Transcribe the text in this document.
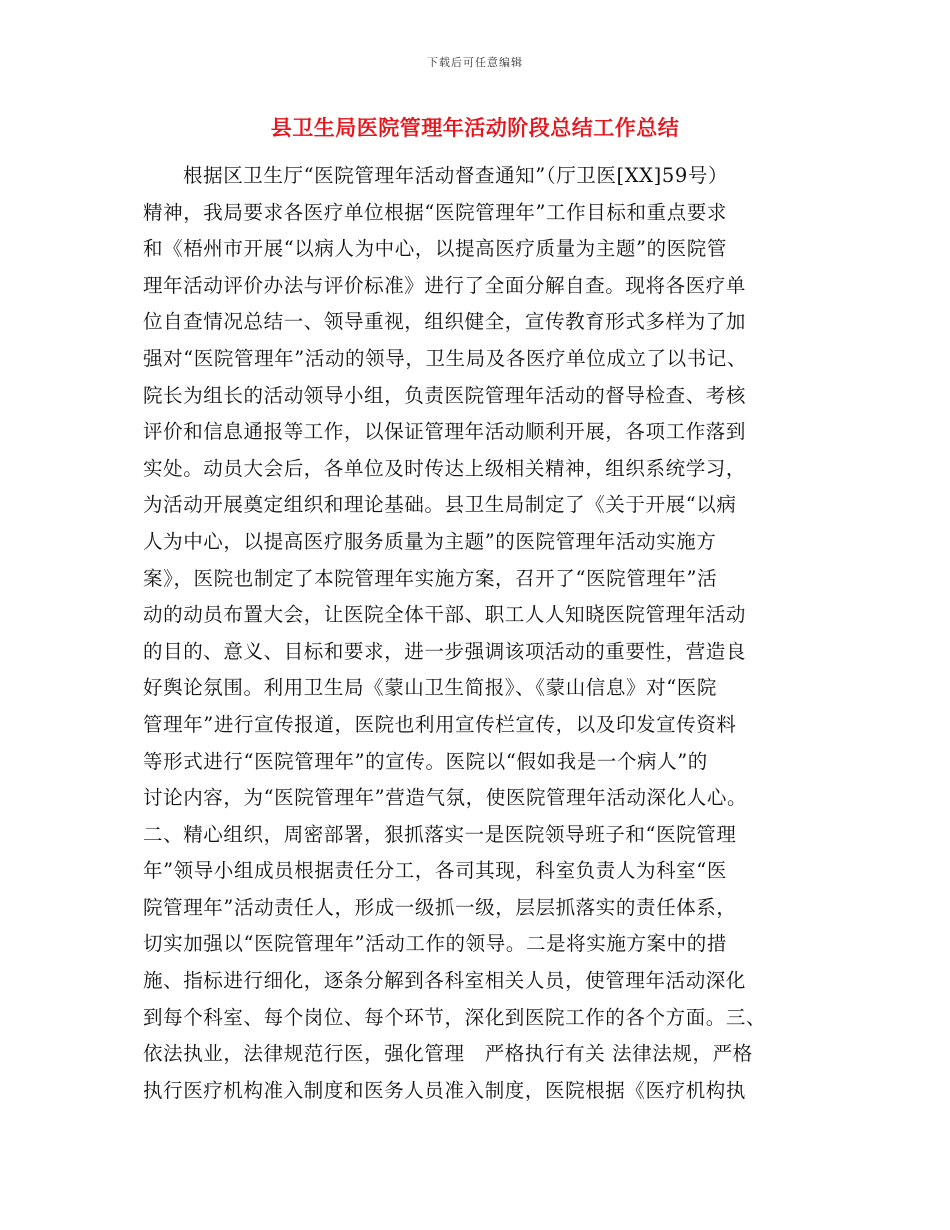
下载后可任意编辑
县卫生局医院管理年活动阶段总结工作总结
根据区卫生厅“医院管理年活动督查通知”（厅卫医[XX]59号）
精神，我局要求各医疗单位根据“医院管理年”工作目标和重点要求
和《梧州市开展“以病人为中心，以提高医疗质量为主题”的医院管
理年活动评价办法与评价标准》进行了全面分解自查。现将各医疗单
位自查情况总结一、领导重视，组织健全，宣传教育形式多样为了加
强对“医院管理年”活动的领导，卫生局及各医疗单位成立了以书记、
院长为组长的活动领导小组，负责医院管理年活动的督导检查、考核
评价和信息通报等工作，以保证管理年活动顺利开展，各项工作落到
实处。动员大会后，各单位及时传达上级相关精神，组织系统学习，
为活动开展奠定组织和理论基础。县卫生局制定了《关于开展“以病
人为中心，以提高医疗服务质量为主题”的医院管理年活动实施方
案》，医院也制定了本院管理年实施方案，召开了“医院管理年”活
动的动员布置大会，让医院全体干部、职工人人知晓医院管理年活动
的目的、意义、目标和要求，进一步强调该项活动的重要性，营造良
好舆论氛围。利用卫生局《蒙山卫生简报》、《蒙山信息》对“医院
管理年”进行宣传报道，医院也利用宣传栏宣传，以及印发宣传资料
等形式进行“医院管理年”的宣传。医院以“假如我是一个病人”的
讨论内容，为“医院管理年”营造气氛，使医院管理年活动深化人心。
二、精心组织，周密部署，狠抓落实一是医院领导班子和“医院管理
年”领导小组成员根据责任分工，各司其现，科室负责人为科室“医
院管理年”活动责任人，形成一级抓一级，层层抓落实的责任体系，
切实加强以“医院管理年”活动工作的领导。二是将实施方案中的措
施、指标进行细化，逐条分解到各科室相关人员，使管理年活动深化
到每个科室、每个岗位、每个环节，深化到医院工作的各个方面。三、
依法执业，法律规范行医，强化管理　严格执行有关 法律法规，严格
执行医疗机构准入制度和医务人员准入制度，医院根据《医疗机构执
